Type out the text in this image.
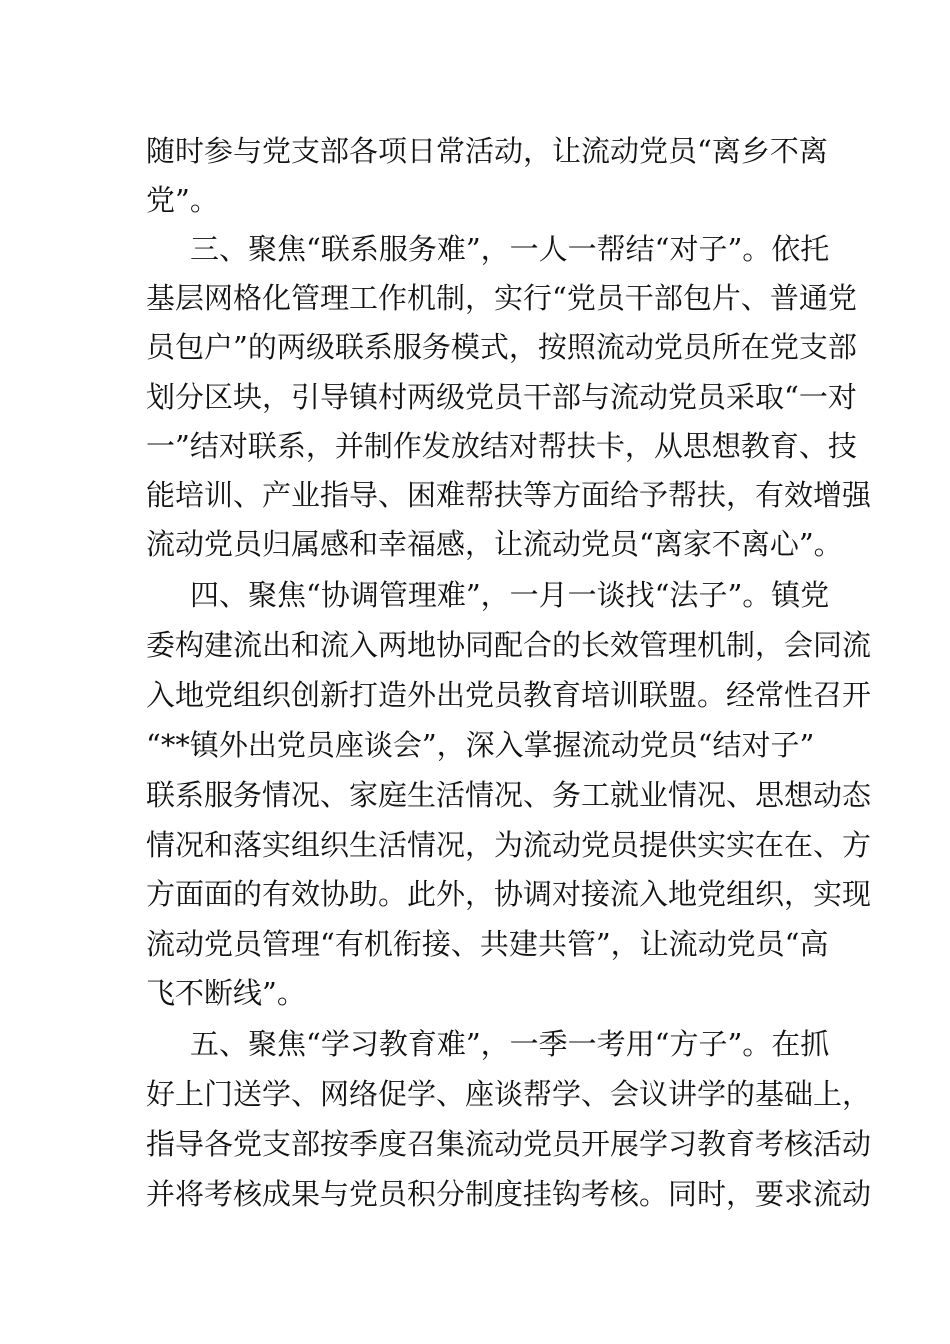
随时参与党支部各项日常活动，让流动党员“离乡不离

党”。

三、聚焦“联系服务难”，一人一帮结“对子”。依托

基层网格化管理工作机制，实行“党员干部包片、普通党

员包户”的两级联系服务模式，按照流动党员所在党支部

划分区块，引导镇村两级党员干部与流动党员采取“一对

一”结对联系，并制作发放结对帮扶卡，从思想教育、技

能培训、产业指导、困难帮扶等方面给予帮扶，有效增强

流动党员归属感和幸福感，让流动党员“离家不离心”。

四、聚焦“协调管理难”，一月一谈找“法子”。镇党

委构建流出和流入两地协同配合的长效管理机制，会同流

入地党组织创新打造外出党员教育培训联盟。经常性召开

“**镇外出党员座谈会”，深入掌握流动党员“结对子”

联系服务情况、家庭生活情况、务工就业情况、思想动态

情况和落实组织生活情况，为流动党员提供实实在在、方

方面面的有效协助。此外，协调对接流入地党组织，实现

流动党员管理“有机衔接、共建共管”，让流动党员“高

飞不断线”。

五、聚焦“学习教育难”，一季一考用“方子”。在抓

好上门送学、网络促学、座谈帮学、会议讲学的基础上，

指导各党支部按季度召集流动党员开展学习教育考核活动

并将考核成果与党员积分制度挂钩考核。同时，要求流动
